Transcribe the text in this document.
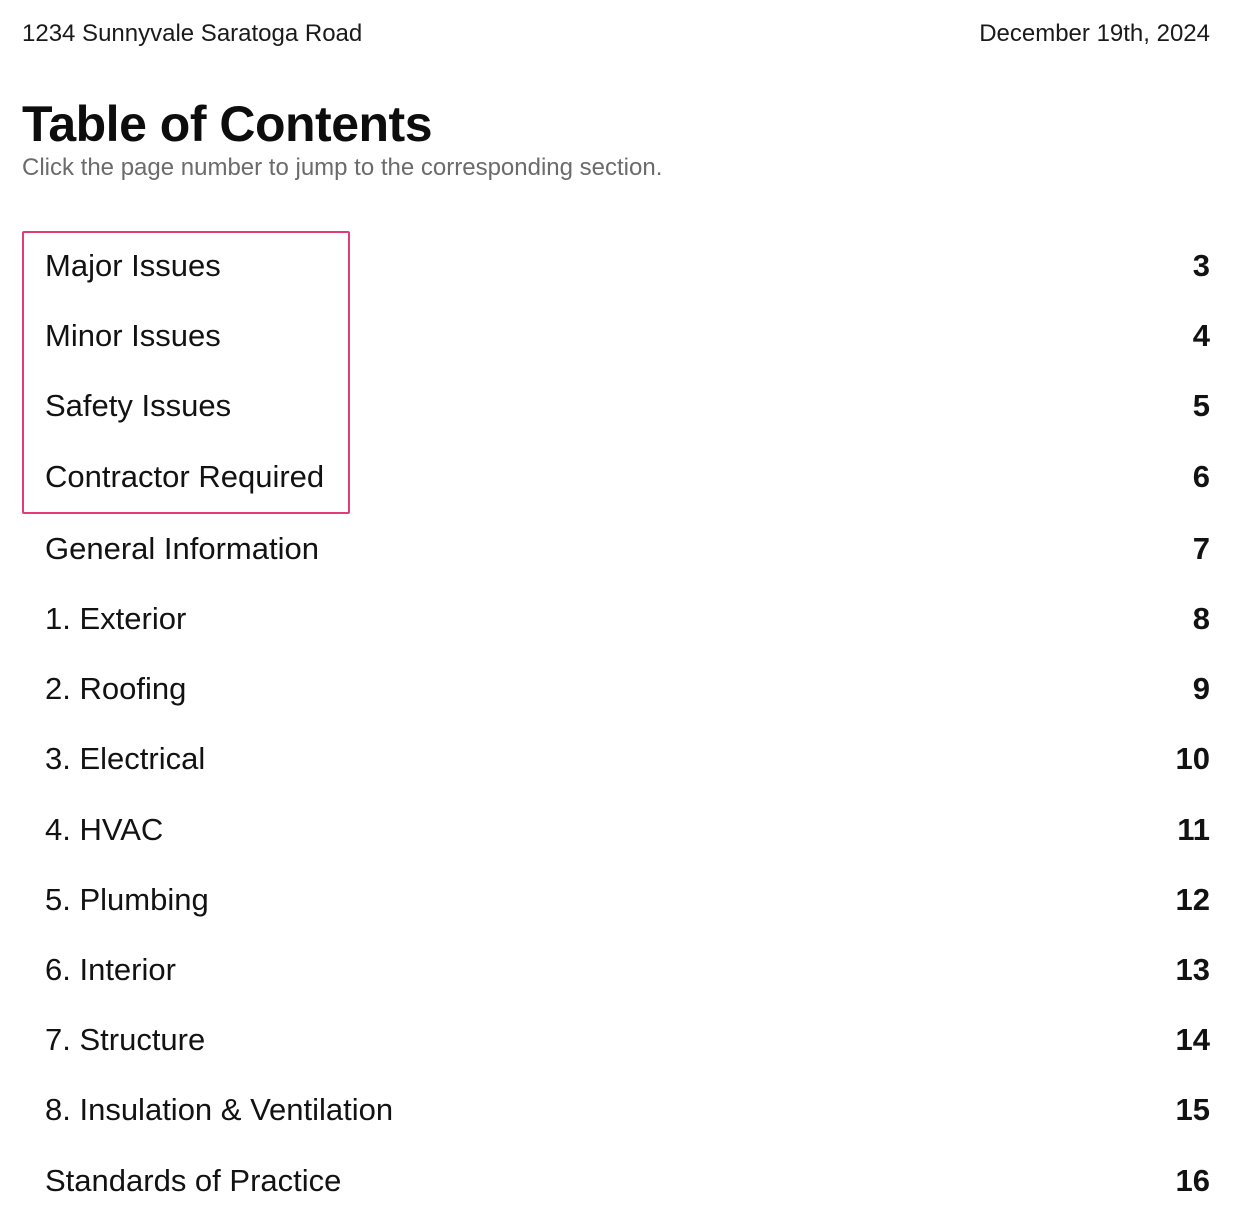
1234 Sunnyvale Saratoga Road	December 19th, 2024
Table of Contents
Click the page number to jump to the corresponding section.
Major Issues	3
Minor Issues	4
Safety Issues	5
Contractor Required	6
General Information	7
1. Exterior	8
2. Roofing	9
3. Electrical	10
4. HVAC	11
5. Plumbing	12
6. Interior	13
7. Structure	14
8. Insulation & Ventilation	15
Standards of Practice	16
